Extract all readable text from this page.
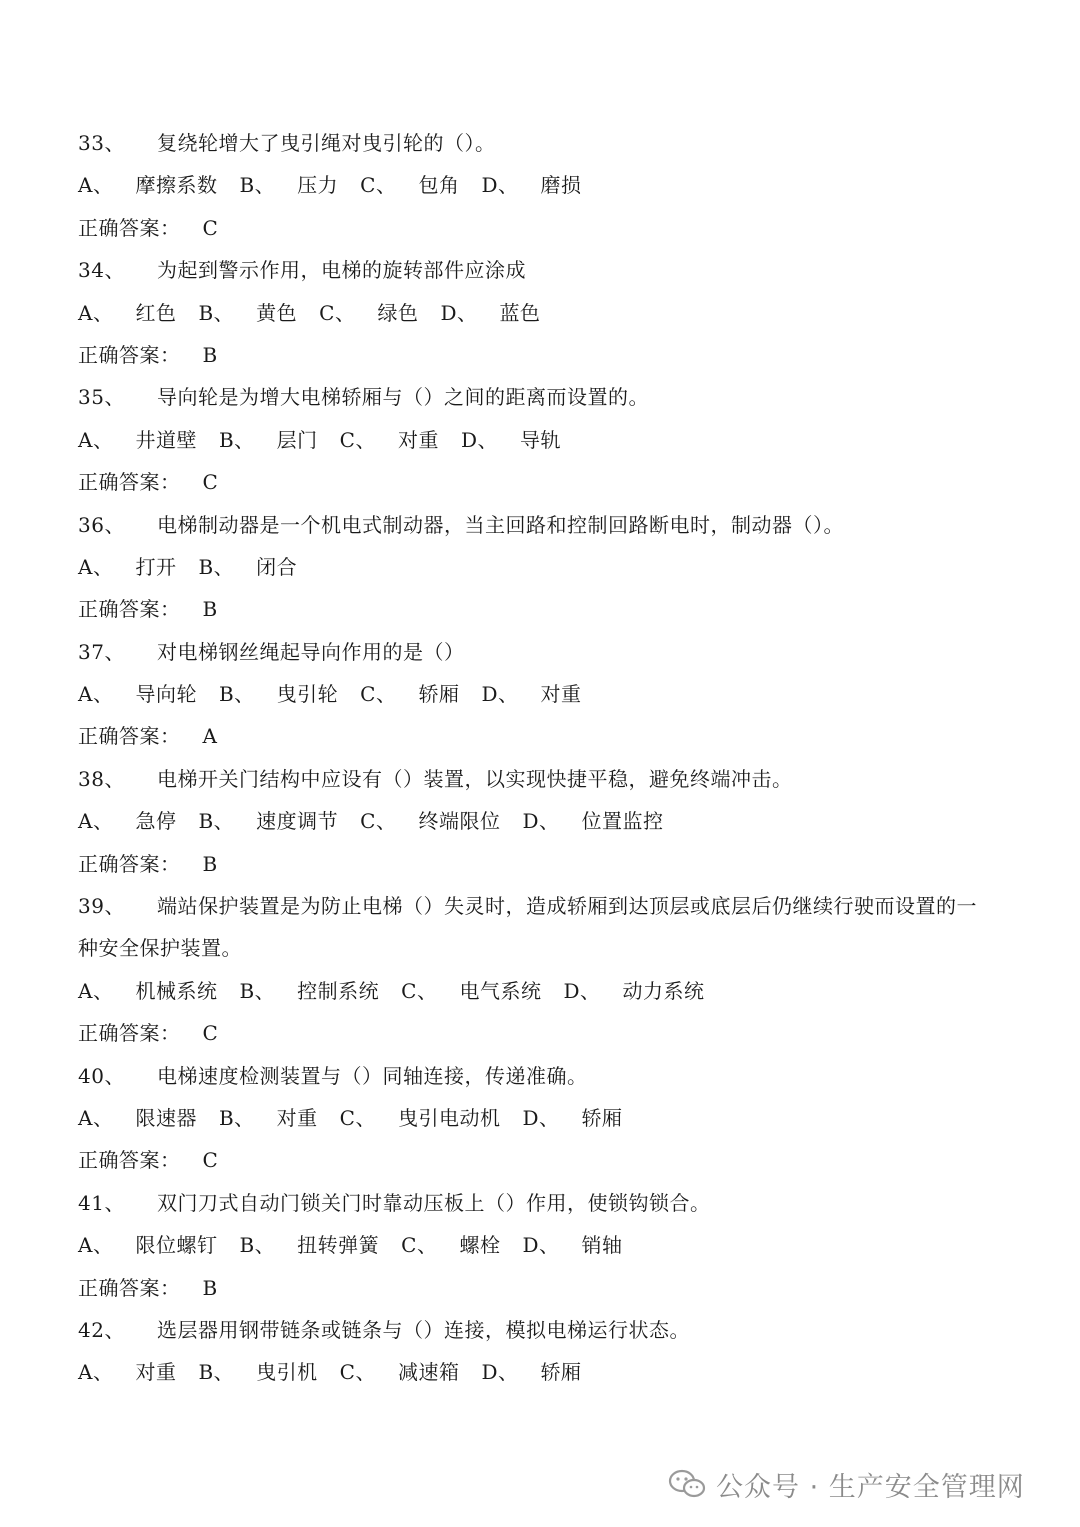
33、 复绕轮增大了曳引绳对曳引轮的（）。
A、 摩擦系数 B、 压力 C、 包角 D、 磨损
正确答案： C
34、 为起到警示作用，电梯的旋转部件应涂成
A、 红色 B、 黄色 C、 绿色 D、 蓝色
正确答案： B
35、 导向轮是为增大电梯轿厢与（）之间的距离而设置的。
A、 井道壁 B、 层门 C、 对重 D、 导轨
正确答案： C
36、 电梯制动器是一个机电式制动器，当主回路和控制回路断电时，制动器（）。
A、 打开 B、 闭合
正确答案： B
37、 对电梯钢丝绳起导向作用的是（）
A、 导向轮 B、 曳引轮 C、 轿厢 D、 对重
正确答案： A
38、 电梯开关门结构中应设有（）装置，以实现快捷平稳，避免终端冲击。
A、 急停 B、 速度调节 C、 终端限位 D、 位置监控
正确答案： B
39、 端站保护装置是为防止电梯（）失灵时，造成轿厢到达顶层或底层后仍继续行驶而设置的一
种安全保护装置。
A、 机械系统 B、 控制系统 C、 电气系统 D、 动力系统
正确答案： C
40、 电梯速度检测装置与（）同轴连接，传递准确。
A、 限速器 B、 对重 C、 曳引电动机 D、 轿厢
正确答案： C
41、 双门刀式自动门锁关门时靠动压板上（）作用，使锁钩锁合。
A、 限位螺钉 B、 扭转弹簧 C、 螺栓 D、 销轴
正确答案： B
42、 选层器用钢带链条或链条与（）连接，模拟电梯运行状态。
A、 对重 B、 曳引机 C、 减速箱 D、 轿厢
公众号 · 生产安全管理网
